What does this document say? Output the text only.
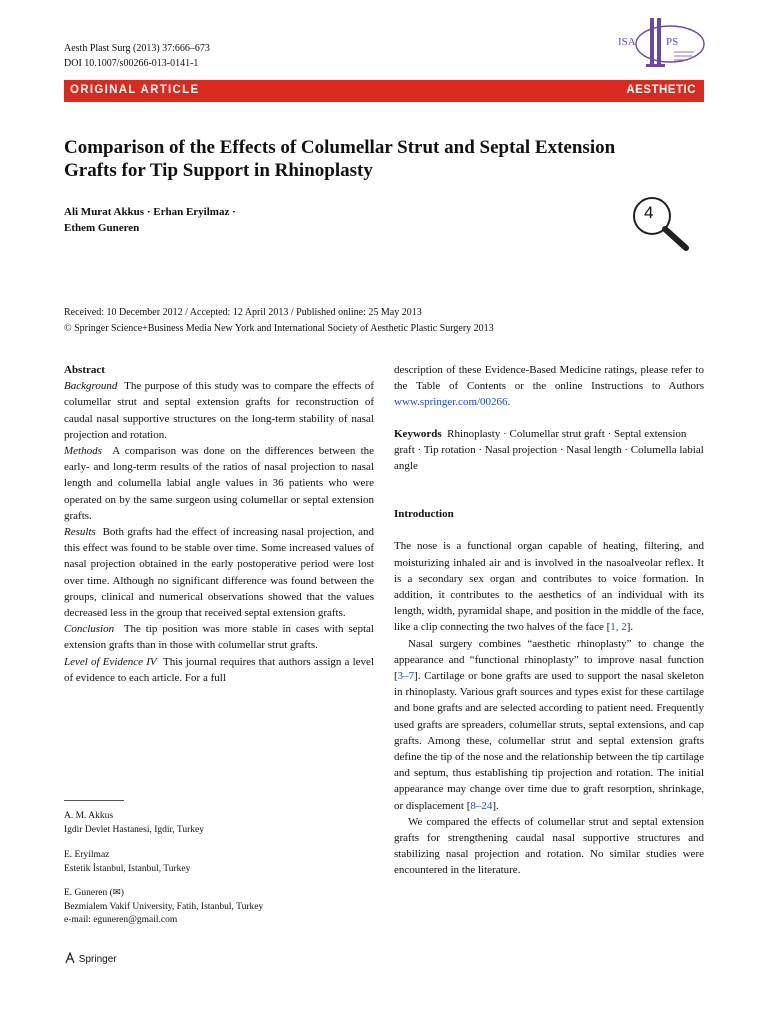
Aesth Plast Surg (2013) 37:666–673
DOI 10.1007/s00266-013-0141-1
ISA	PS
ORIGINAL ARTICLE	AESTHETIC
Comparison of the Effects of Columellar Strut and Septal Extension Grafts for Tip Support in Rhinoplasty
Ali Murat Akkus · Erhan Eryilmaz ·
Ethem Guneren
4
Received: 10 December 2012 / Accepted: 12 April 2013 / Published online: 25 May 2013
© Springer Science+Business Media New York and International Society of Aesthetic Plastic Surgery 2013

Abstract

Background The purpose of this study was to compare the effects of columellar strut and septal extension grafts for reconstruction of caudal nasal supportive structures on the long-term stability of nasal projection and rotation.

Methods A comparison was done on the differences between the early- and long-term results of the ratios of nasal projection to nasal length and columella labial angle values in 36 patients who were operated on by the same surgeon using columellar or septal extension grafts.

Results Both grafts had the effect of increasing nasal projection, and this effect was found to be stable over time. Some increased values of nasal projection obtained in the early postoperative period were lost over time. Although no significant difference was found between the groups, clinical and numerical observations showed that the values decreased less in the group that received septal extension grafts.

Conclusion The tip position was more stable in cases with septal extension grafts than in those with columellar strut grafts.

Level of Evidence IV This journal requires that authors assign a level of evidence to each article. For a full

A. M. Akkus
Igdir Devlet Hastanesi, Igdir, Turkey
E. Eryilmaz
Estetik İstanbul, Istanbul, Turkey
E. Guneren (✉)
Bezmialem Vakif University, Fatih, Istanbul, Turkey
e-mail: eguneren@gmail.com
Springer

description of these Evidence-Based Medicine ratings, please refer to the Table of Contents or the online Instructions to Authors www.springer.com/00266.

Keywords Rhinoplasty · Columellar strut graft · Septal extension graft · Tip rotation · Nasal projection · Nasal length · Columella labial angle

Introduction

The nose is a functional organ capable of heating, filtering, and moisturizing inhaled air and is involved in the nasoalveolar reflex. It is a secondary sex organ and contributes to voice formation. In addition, it contributes to the aesthetics of an individual with its length, width, pyramidal shape, and position in the middle of the face, like a clip connecting the two halves of the face [1, 2].

Nasal surgery combines “aesthetic rhinoplasty” to change the appearance and “functional rhinoplasty” to improve nasal function [3–7]. Cartilage or bone grafts are used to support the nasal skeleton in rhinoplasty. Various graft sources and types exist for these cartilage and bone grafts and are selected according to patient need. Frequently used grafts are spreaders, columellar struts, septal extensions, and cap grafts. Among these, columellar strut and septal extension grafts define the tip of the nose and the relationship between the tip cartilage and septum, thus establishing tip projection and rotation. The initial appearance may change over time due to graft resorption, shrinkage, or displacement [8–24].

We compared the effects of columellar strut and septal extension grafts for strengthening caudal nasal supportive structures and stabilizing nasal projection and rotation. No similar studies were encountered in the literature.
